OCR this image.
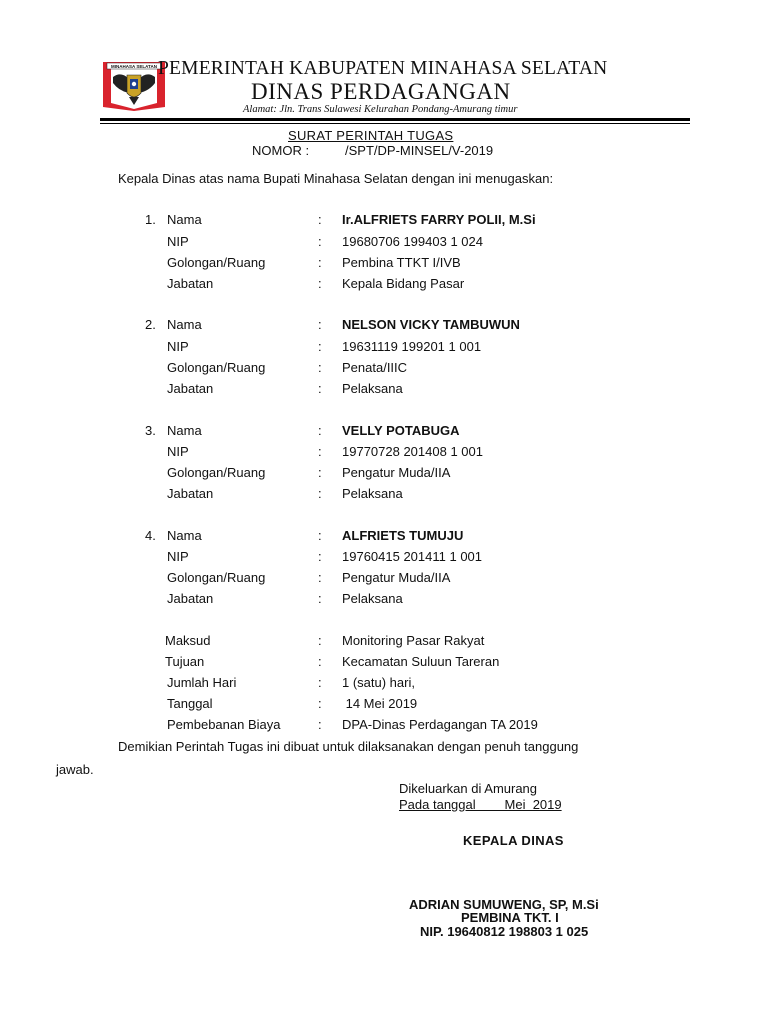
MINAHASA SELATAN PEMERINTAH KABUPATEN MINAHASA SELATAN
DINAS PERDAGANGAN
Alamat: Jln. Trans Sulawesi Kelurahan Pondang-Amurang timur
SURAT PERINTAH TUGAS
NOMOR :	/SPT/DP-MINSEL/V-2019
Kepala Dinas atas nama Bupati Minahasa Selatan dengan ini menugaskan:
1. Nama	: Ir.ALFRIETS FARRY POLII, M.Si
NIP	: 19680706 199403 1 024
Golongan/Ruang	: Pembina TTKT I/IVB
Jabatan	: Kepala Bidang Pasar
2. Nama	: NELSON VICKY TAMBUWUN
NIP	: 19631119 199201 1 001
Golongan/Ruang	: Penata/IIIC
Jabatan	: Pelaksana
3. Nama	: VELLY POTABUGA
NIP	: 19770728 201408 1 001
Golongan/Ruang	: Pengatur Muda/IIA
Jabatan	: Pelaksana
4. Nama	: ALFRIETS TUMUJU
NIP	: 19760415 201411 1 001
Golongan/Ruang	: Pengatur Muda/IIA
Jabatan	: Pelaksana
Maksud	: Monitoring Pasar Rakyat
Tujuan	: Kecamatan Suluun Tareran
Jumlah Hari	: 1 (satu) hari,
Tanggal	: 14 Mei 2019
Pembebanan Biaya	: DPA-Dinas Perdagangan TA 2019
Demikian Perintah Tugas ini dibuat untuk dilaksanakan dengan penuh tanggung
jawab.
Dikeluarkan di Amurang
Pada tanggal        Mei  2019
KEPALA DINAS
ADRIAN SUMUWENG, SP, M.Si
PEMBINA TKT. I
NIP. 19640812 198803 1 025
